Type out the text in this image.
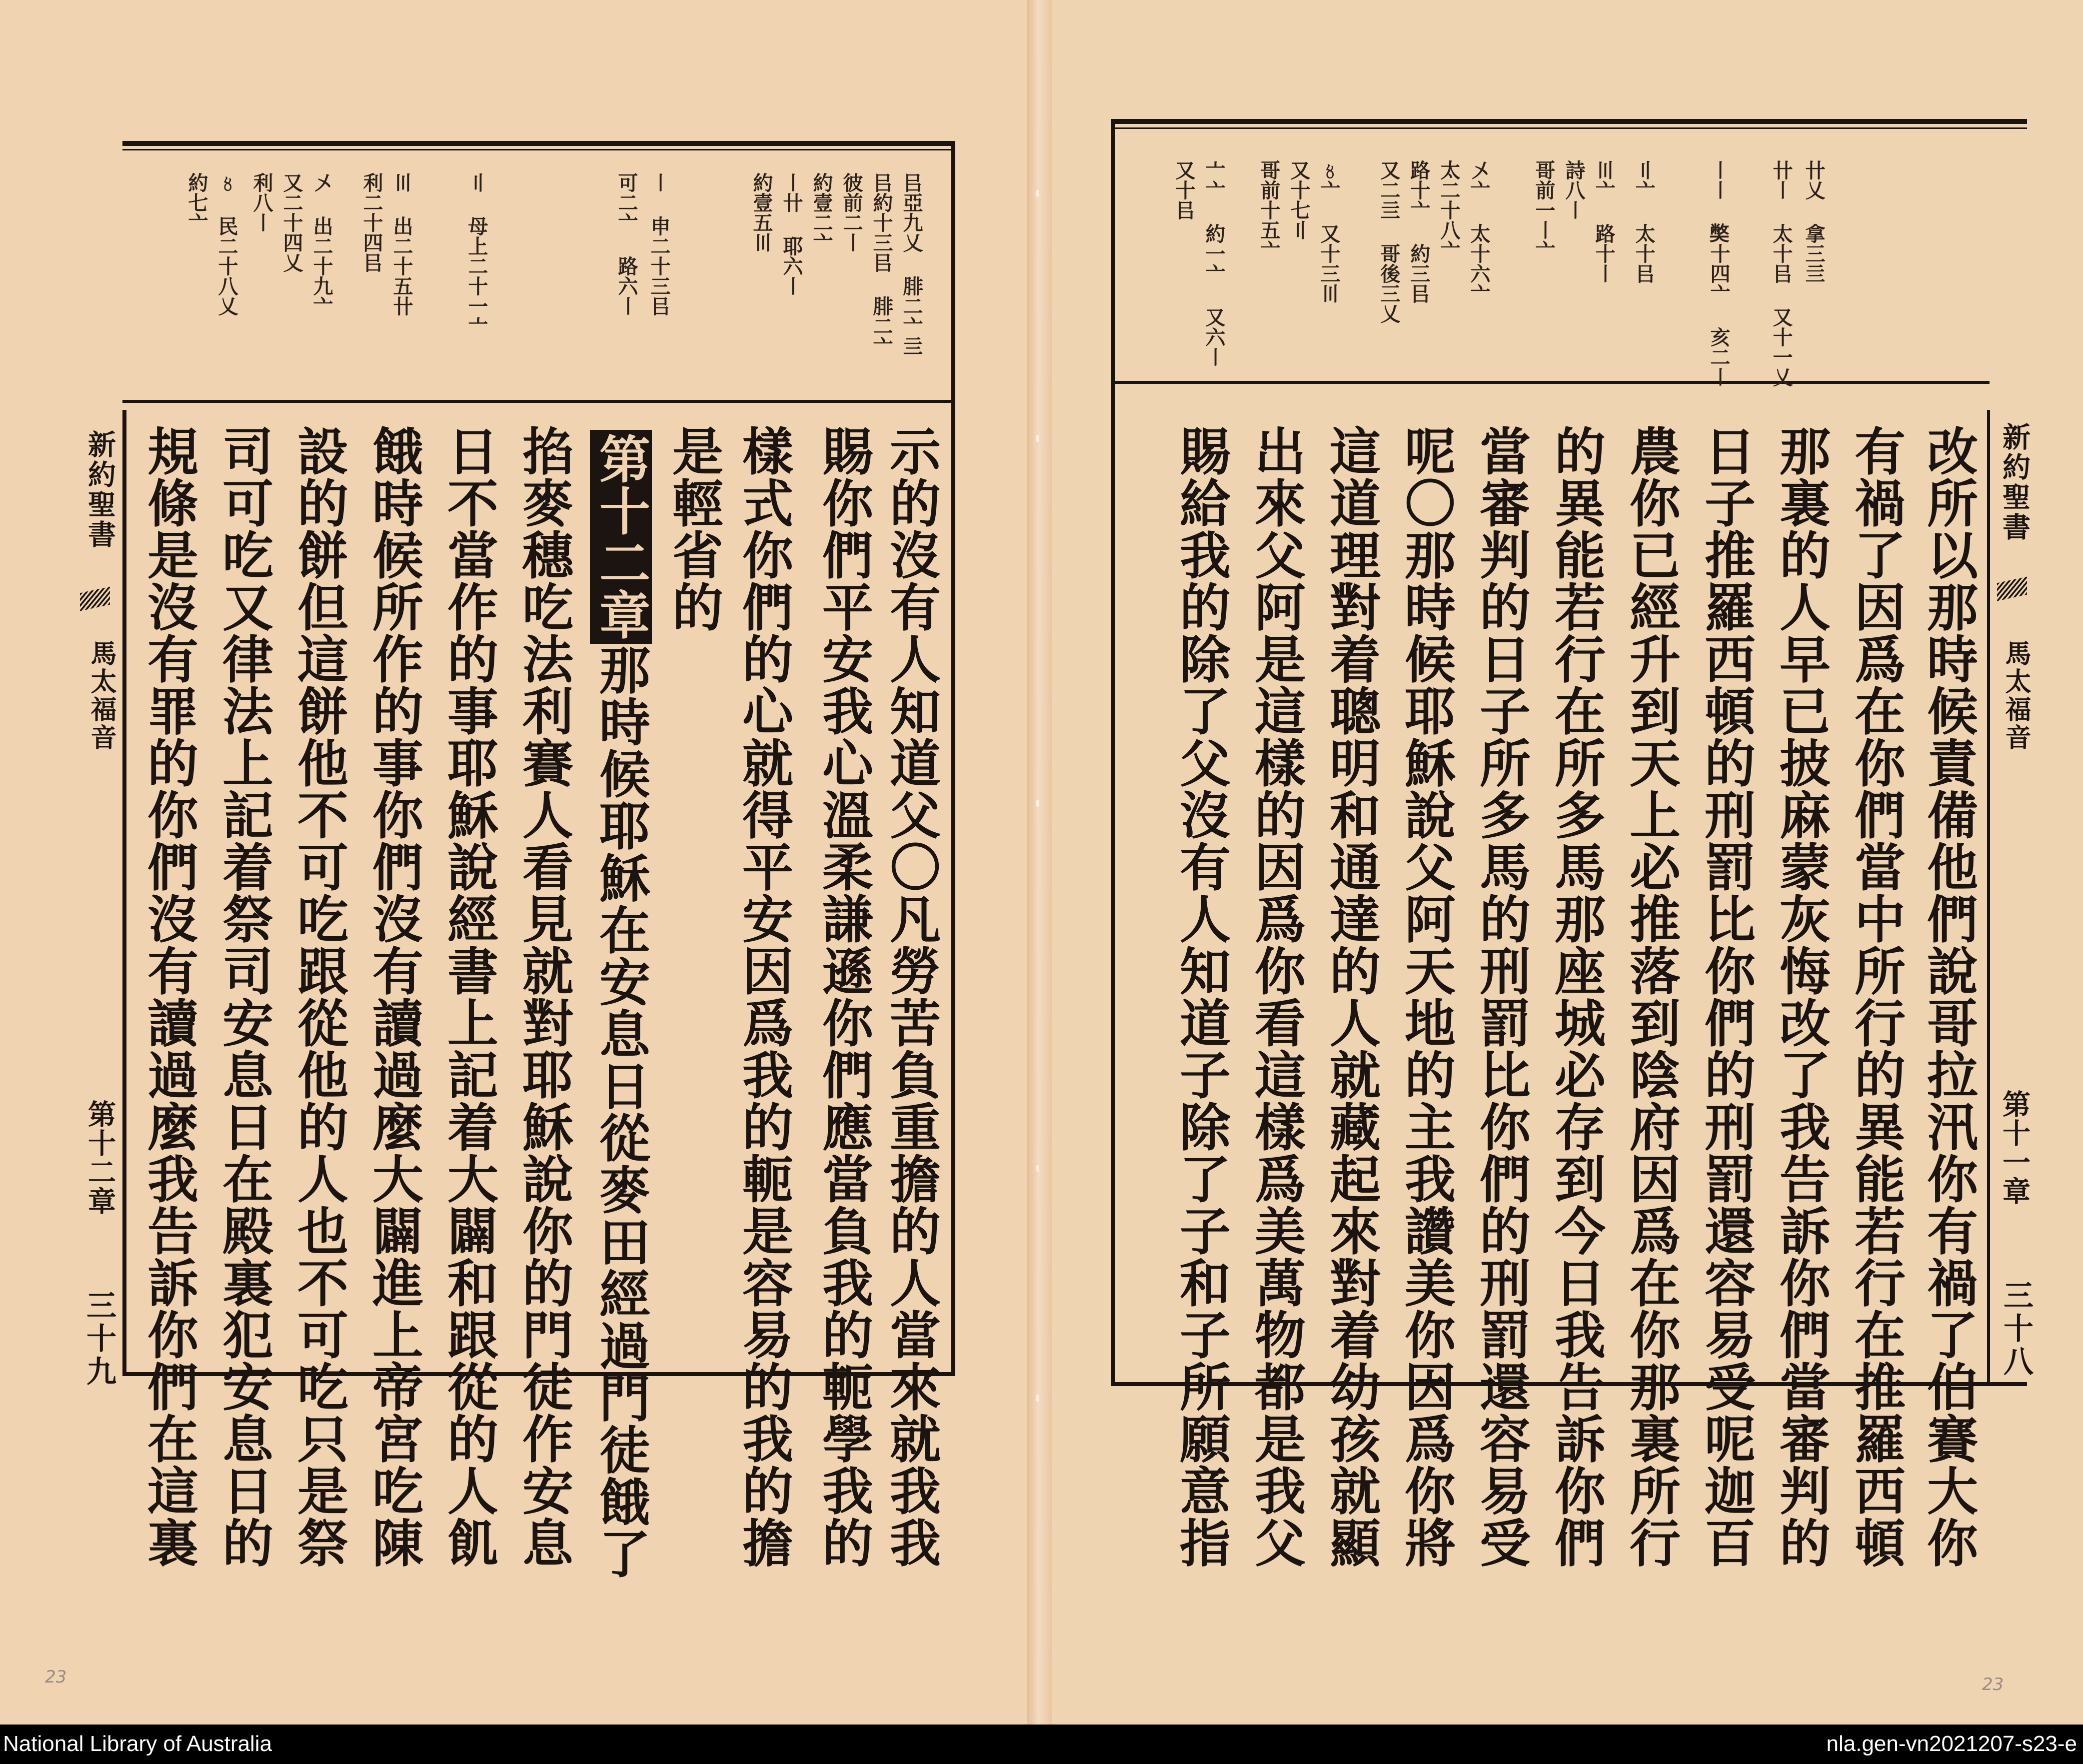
㠯亞九乂 腓二亠亖
㠯約十三㠯 腓二亠
彼前二〡
約壹二亠
〡卄 耶六〡
約壹五〣
〡 申二十三㠯
可二亠 路六〡
〢 母上二十一〦
〣 出二十五卄
利二十四㠯
〤 出二十九亠
又二十四乂
利八〡
〥 民二十八乂
約七亠
新約聖書
馬太福音
第十二章
三十九	示的沒有人知道父〇凡勞苦負重擔的人當來就我我
賜你們平安我心溫柔謙遜你們應當負我的軛學我的
樣式你們的心就得平安因爲我的軛是容易的我的擔
是輕省的
第十二章那時候耶穌在安息日從麥田經過門徒餓了
掐麥穗吃法利賽人看見就對耶穌說你的門徒作安息
日不當作的事耶穌說經書上記着大闢和跟從的人飢
餓時候所作的事你們沒有讀過麼大闢進上帝宮吃陳
設的餅但這餅他不可吃跟從他的人也不可吃只是祭
司可吃又律法上記着祭司安息日在殿裏犯安息日的
規條是沒有罪的你們沒有讀過麼我告訴你們在這裏
23
卄乂 拿三亖
卄〡 太十㠯 又十一乂
〡〡 𡚁十四亠 亥二〡
〢亠 太十㠯
〣亠 路十〡
詩八〡
哥前一〡亠
〤亠 太十六亠
太二十八亠
路十亠 約三㠯
又二亖 哥後三乂
〥亠 又十三〣
又十七〢
哥前十五亠
〦亠 約一亠 又六〡
又十㠯
新約聖書
馬太福音
第十一章
三十八
改所以那時候責備他們說哥拉汛你有禍了伯賽大你
有禍了因爲在你們當中所行的異能若行在推羅西頓
那裏的人早已披麻蒙灰悔改了我告訴你們當審判的
日子推羅西頓的刑罰比你們的刑罰還容易受呢迦百
農你已經升到天上必推落到陰府因爲在你那裏所行
的異能若行在所多馬那座城必存到今日我告訴你們
當審判的日子所多馬的刑罰比你們的刑罰還容易受
呢〇那時候耶穌說父阿天地的主我讚美你因爲你將
這道理對着聰明和通達的人就藏起來對着幼孩就顯
出來父阿是這樣的因爲你看這樣爲美萬物都是我父
賜給我的除了父沒有人知道子除了子和子所願意指
23
National Library of Australia	nla.gen-vn2021207-s23-e
